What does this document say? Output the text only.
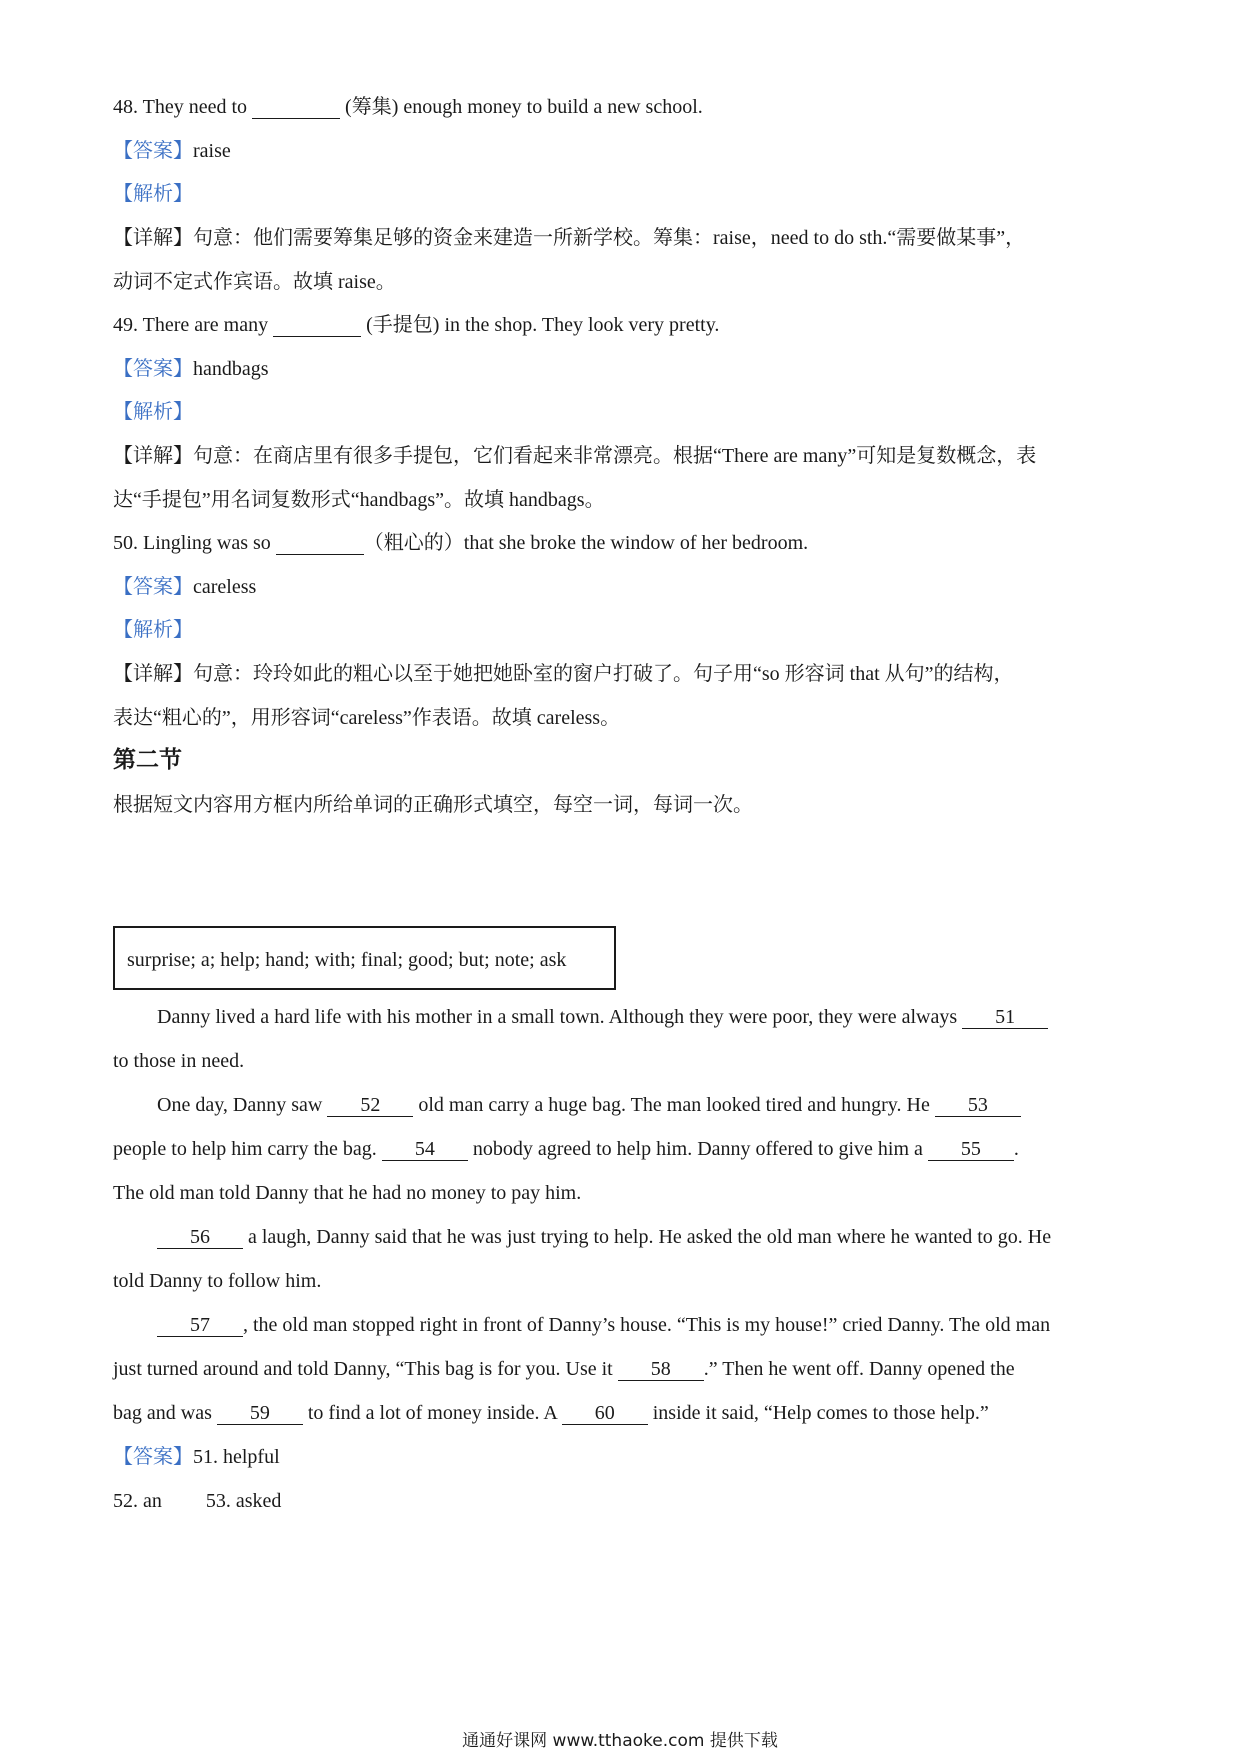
48. They need to	(筹集) enough money to build a new school.
【答案】raise
【解析】
【详解】句意：他们需要筹集足够的资金来建造一所新学校。筹集：raise，need to do sth.“需要做某事”，
动词不定式作宾语。故填 raise。
49. There are many	(手提包) in the shop. They look very pretty.
【答案】handbags
【解析】
【详解】句意：在商店里有很多手提包，它们看起来非常漂亮。根据“There are many”可知是复数概念，表
达“手提包”用名词复数形式“handbags”。故填 handbags。
50. Lingling was so	（粗心的）that she broke the window of her bedroom.
【答案】careless
【解析】
【详解】句意：玲玲如此的粗心以至于她把她卧室的窗户打破了。句子用“so 形容词 that 从句”的结构，
表达“粗心的”，用形容词“careless”作表语。故填 careless。
第二节
根据短文内容用方框内所给单词的正确形式填空，每空一词，每词一次。
surprise; a; help; hand; with; final; good; but; note; ask
Danny lived a hard life with his mother in a small town. Although they were poor, they were always 51
to those in need.
One day, Danny saw 52 old man carry a huge bag. The man looked tired and hungry. He 53
people to help him carry the bag. 54 nobody agreed to help him. Danny offered to give him a 55 .
The old man told Danny that he had no money to pay him.
56 a laugh, Danny said that he was just trying to help. He asked the old man where he wanted to go. He
told Danny to follow him.
57 , the old man stopped right in front of Danny’s house. “This is my house!” cried Danny. The old man
just turned around and told Danny, “This bag is for you. Use it 58 .” Then he went off. Danny opened the
bag and was 59 to find a lot of money inside. A 60 inside it said, “Help comes to those help.”
【答案】51. helpful
52. an 53. asked
通通好课网 www.tthaoke.com 提供下载
